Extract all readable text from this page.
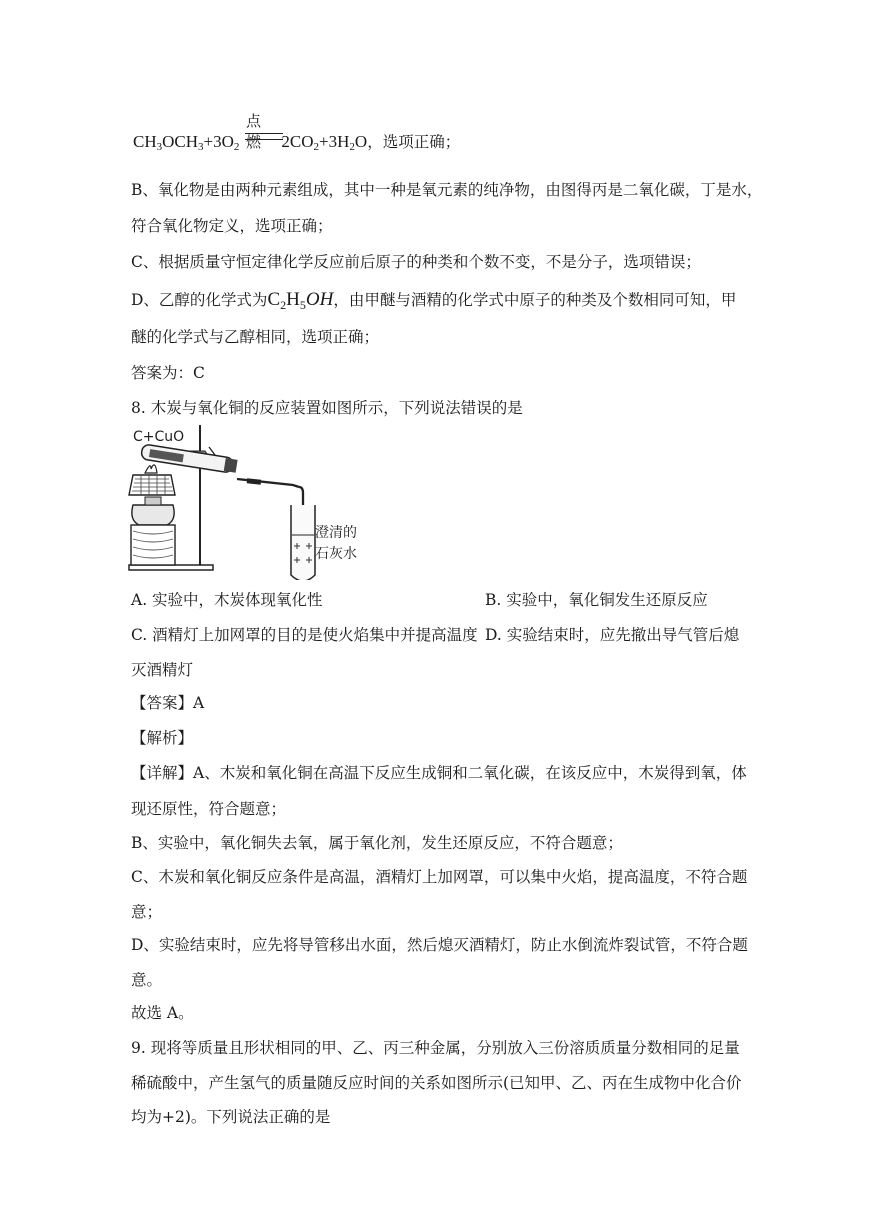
点燃
$CH_3OCH_3+3O_2$ $2CO_2+3H_2O$，选项正确；
B、氧化物是由两种元素组成，其中一种是氧元素的纯净物，由图得丙是二氧化碳，丁是水，
符合氧化物定义，选项正确；
C、根据质量守恒定律化学反应前后原子的种类和个数不变，不是分子，选项错误；
D、乙醇的化学式为$C_2H_5OH$，由甲醚与酒精的化学式中原子的种类及个数相同可知，甲
醚的化学式与乙醇相同，选项正确；
答案为：C
8. 木炭与氧化铜的反应装置如图所示，下列说法错误的是
C+CuO
澄清的
石灰水
A. 实验中，木炭体现氧化性	B. 实验中，氧化铜发生还原反应
C. 酒精灯上加网罩的目的是使火焰集中并提高温度 D. 实验结束时，应先撤出导气管后熄
灭酒精灯
【答案】A
【解析】
【详解】A、木炭和氧化铜在高温下反应生成铜和二氧化碳，在该反应中，木炭得到氧，体
现还原性，符合题意；
B、实验中，氧化铜失去氧，属于氧化剂，发生还原反应，不符合题意；
C、木炭和氧化铜反应条件是高温，酒精灯上加网罩，可以集中火焰，提高温度，不符合题
意；
D、实验结束时，应先将导管移出水面，然后熄灭酒精灯，防止水倒流炸裂试管，不符合题
意。
故选 A。
9. 现将等质量且形状相同的甲、乙、丙三种金属，分别放入三份溶质质量分数相同的足量
稀硫酸中，产生氢气的质量随反应时间的关系如图所示(已知甲、乙、丙在生成物中化合价
均为+2)。下列说法正确的是
